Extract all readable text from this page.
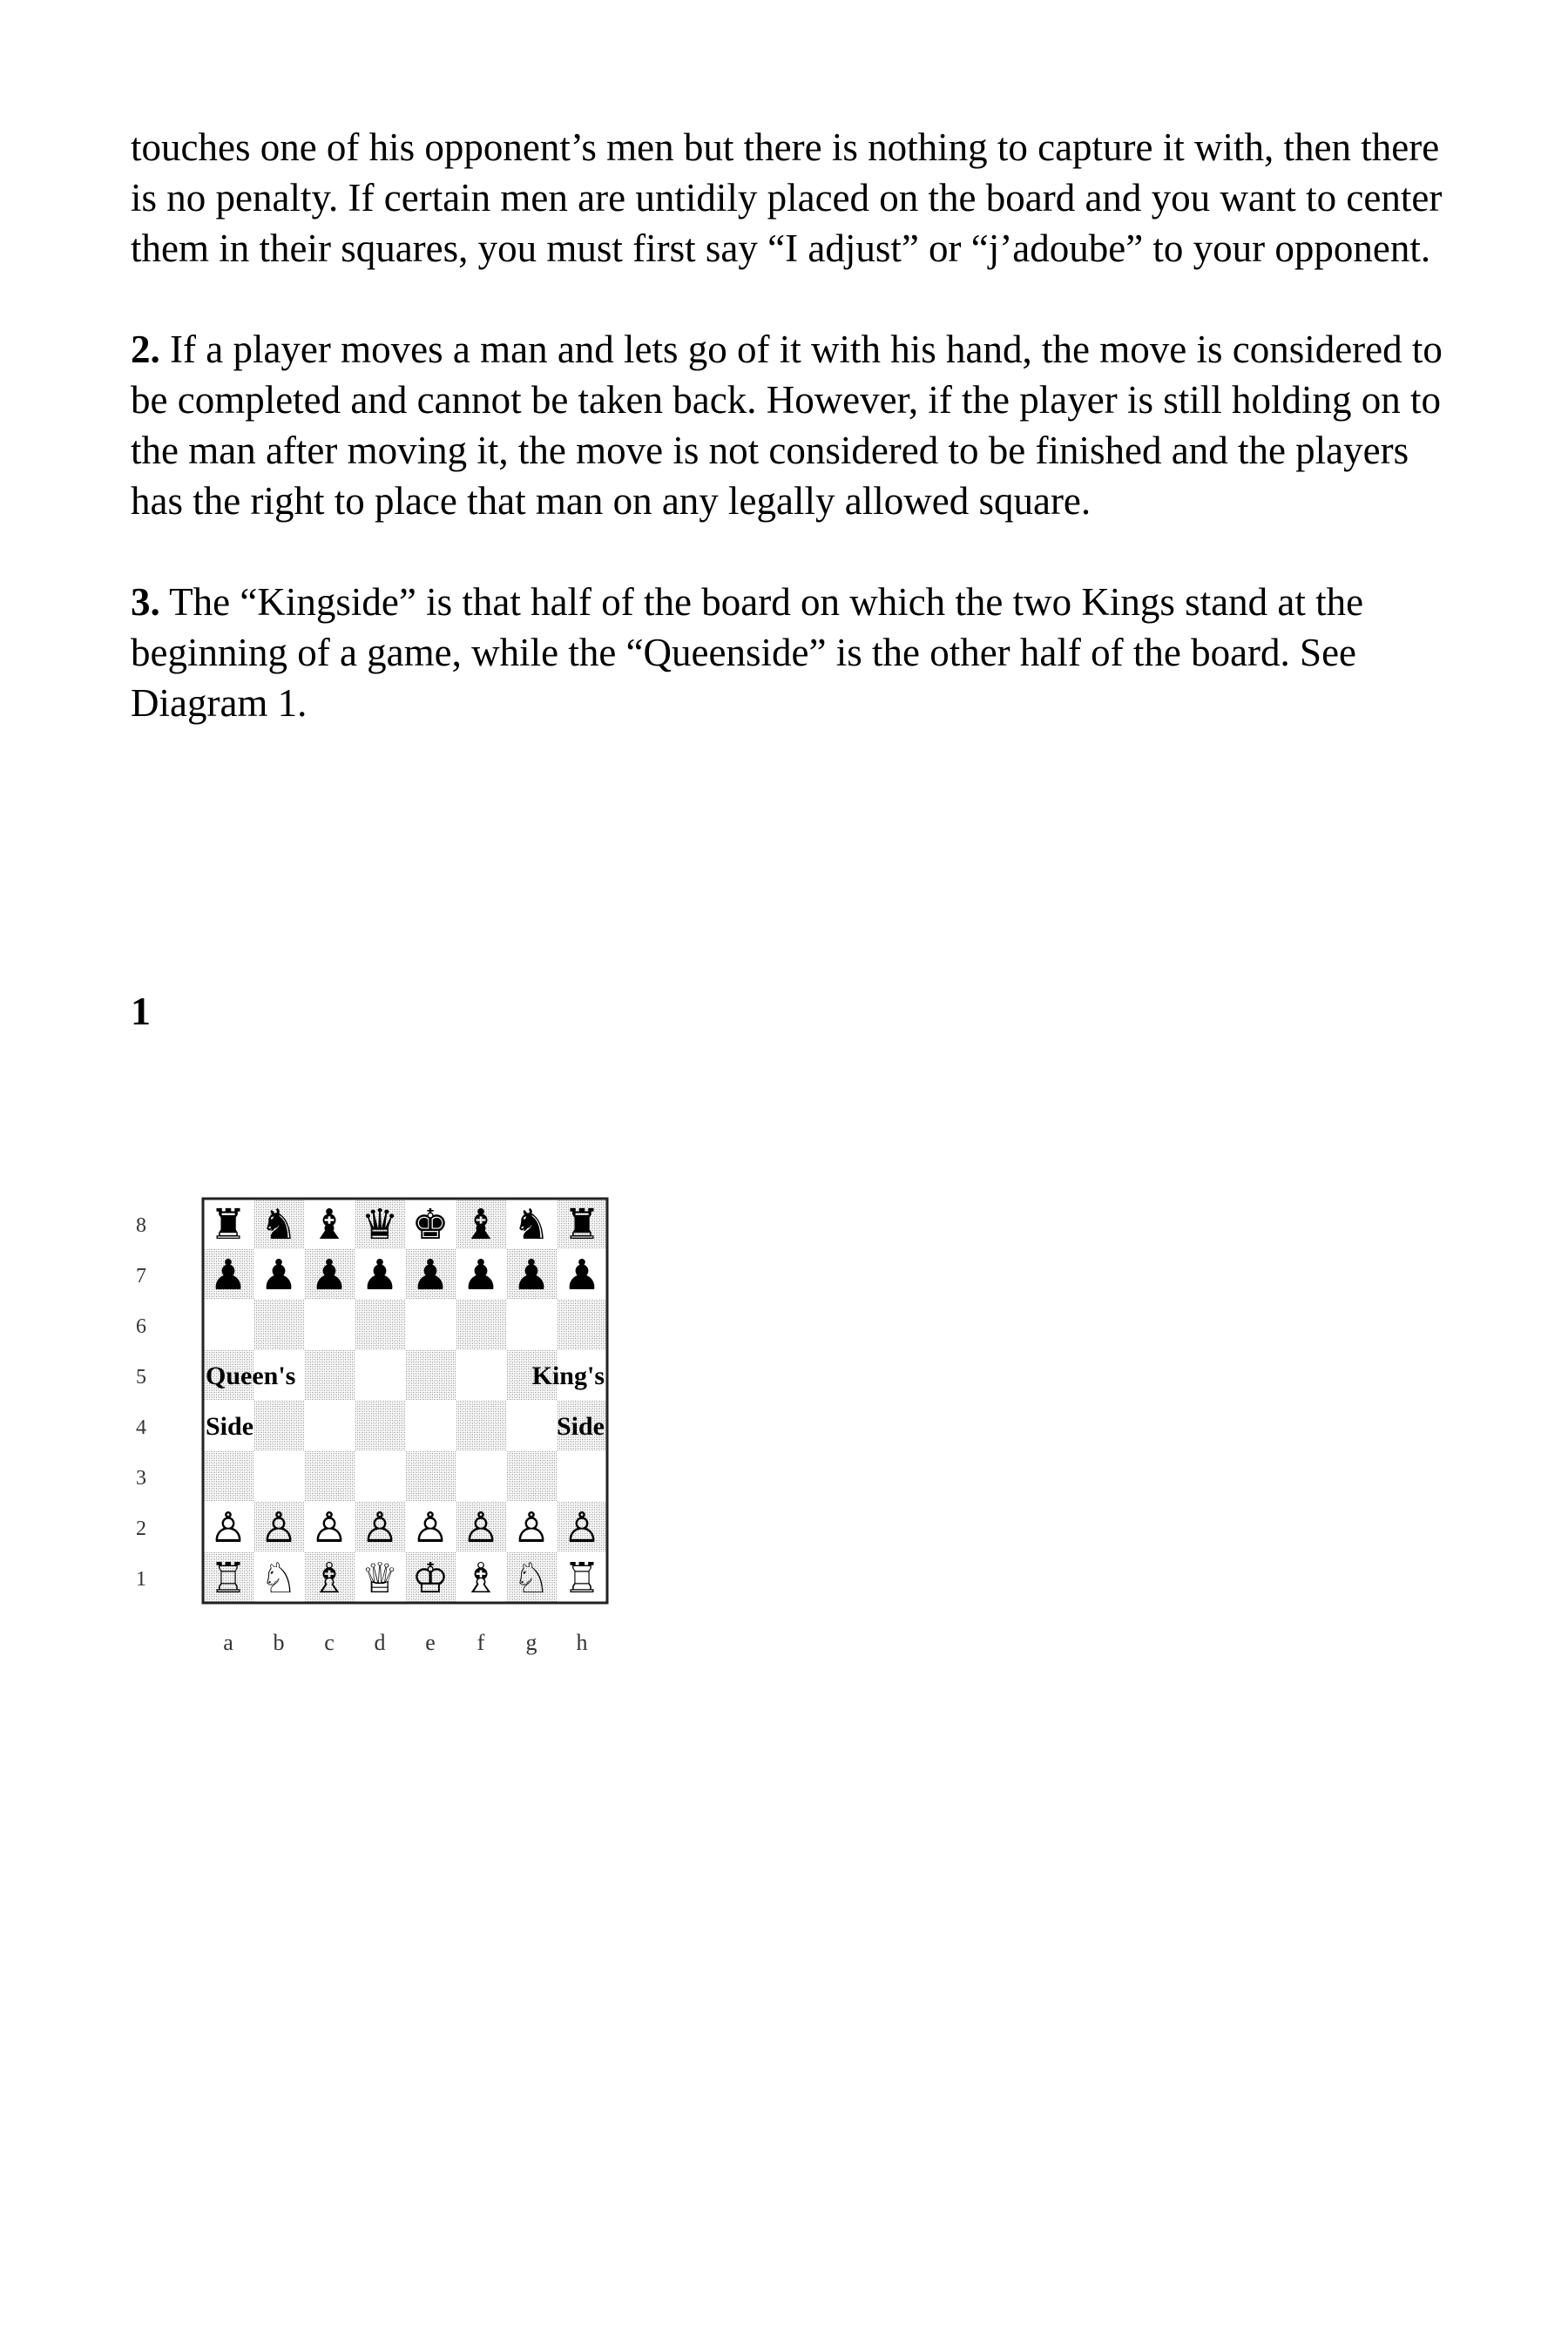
touches one of his opponent’s men but there is nothing to capture it with, then there is no penalty. If certain men are untidily placed on the board and you want to center them in their squares, you must first say “I adjust” or “j’adoube” to your opponent.

2. If a player moves a man and lets go of it with his hand, the move is considered to be completed and cannot be taken back. However, if the player is still holding on to the man after moving it, the move is not considered to be finished and the players has the right to place that man on any legally allowed square.

3. The “Kingside” is that half of the board on which the two Kings stand at the beginning of a game, while the “Queenside” is the other half of the board. See Diagram 1.

1
♜ ♞ ♝ ♛ ♚ ♝ ♞ ♜
♟ ♟ ♟ ♟ ♟ ♟ ♟ ♟
♙ ♙ ♙ ♙ ♙ ♙ ♙ ♙
♖ ♘ ♗ ♕ ♔ ♗ ♘ ♖
8
7
6
5
4
3
2
1
a b c d e f g h
Queen's
Side
King's
Side
